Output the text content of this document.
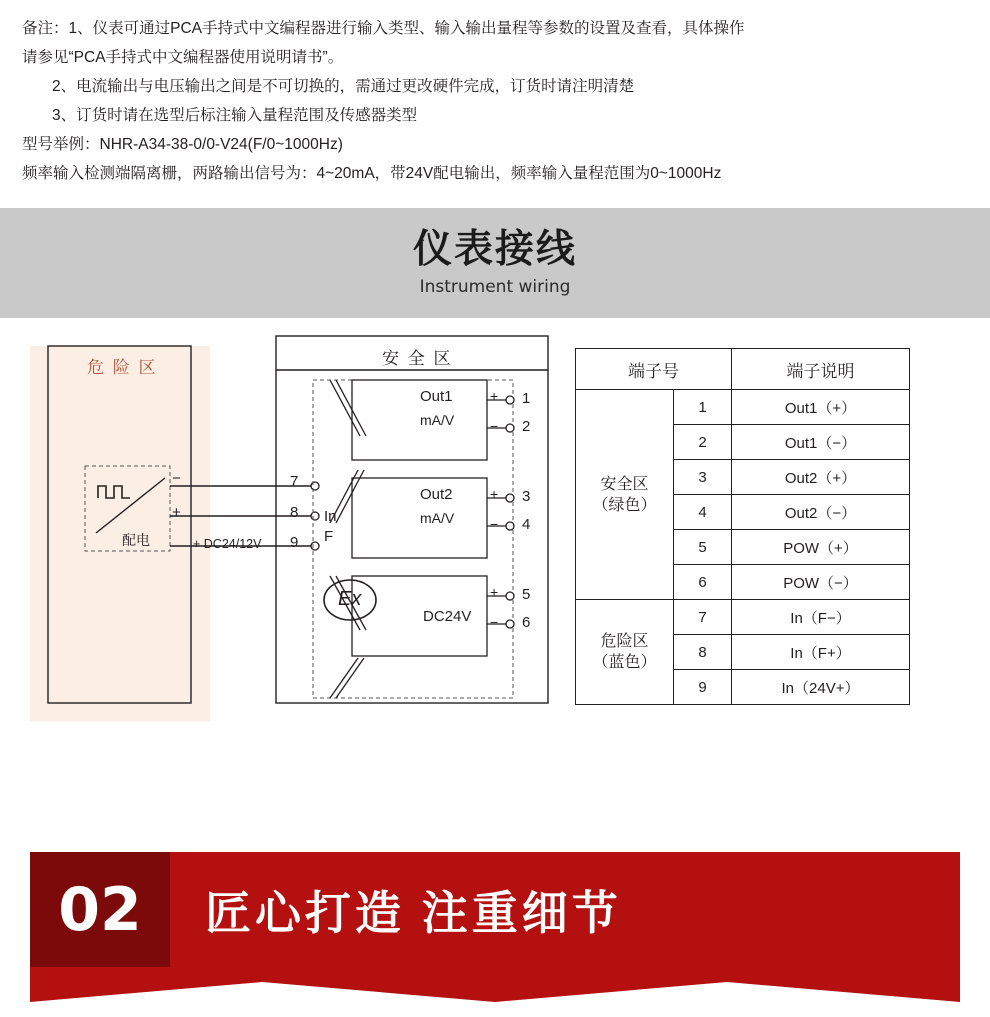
备注：1、仪表可通过PCA手持式中文编程器进行输入类型、输入输出量程等参数的设置及查看，具体操作

请参见“PCA手持式中文编程器使用说明请书”。

2、电流输出与电压输出之间是不可切换的，需通过更改硬件完成，订货时请注明清楚

3、订货时请在选型后标注输入量程范围及传感器类型

型号举例：NHR-A34-38-0/0-V24(F/0~1000Hz)

频率输入检测端隔离栅，两路输出信号为：4~20mA，带24V配电输出，频率输入量程范围为0~1000Hz

仪表接线
Instrument wiring
危 险 区	安 全 区
配电
−
+
+ DC24/12V
7
8
9
In
F
Out1
mA/V
Out2
mA/V
DC24V
Ex
+
−
+
−
+
−
1
2
3
4
5
6
端子号		端子说明

安全区
（绿色）	1	Out1（+）
	2	Out1（−）
	3	Out2（+）
	4	Out2（−）
	5	POW（+）
	6	POW（−）

危险区
（蓝色）	7	In（F−）
	8	In（F+）
	9	In（24V+）
02	匠心打造 注重细节
